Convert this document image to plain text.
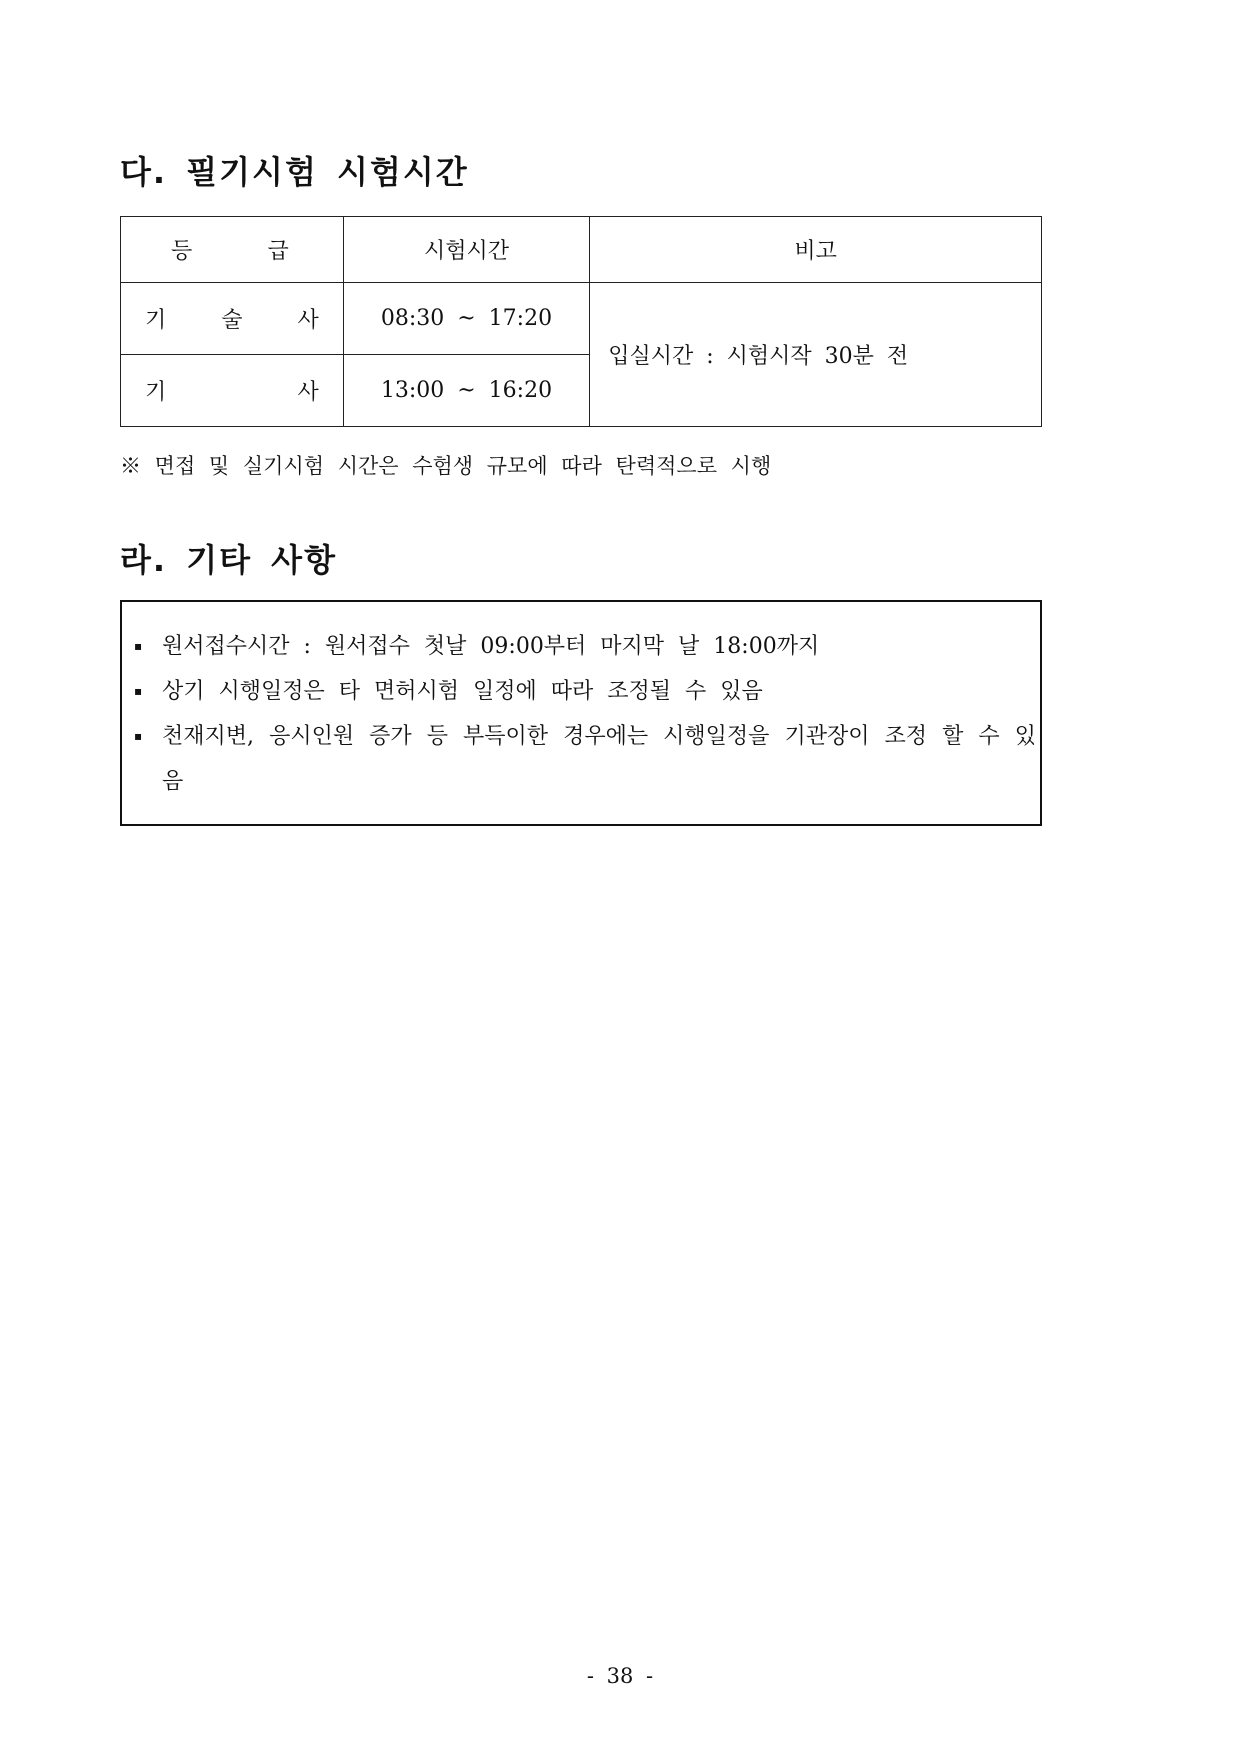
다. 필기시험 시험시간
등 급	시험시간	비고

기 술 사	08:30 ~ 17:20	입실시간 : 시험시작 30분 전

기 사	13:00 ~ 16:20	

※ 면접 및 실기시험 시간은 수험생 규모에 따라 탄력적으로 시행

라. 기타 사항
▪ 원서접수시간 : 원서접수 첫날 09:00부터 마지막 날 18:00까지
▪ 상기 시행일정은 타 면허시험 일정에 따라 조정될 수 있음
▪ 천재지변, 응시인원 증가 등 부득이한 경우에는 시행일정을 기관장이 조정 할 수 있음

- 38 -
